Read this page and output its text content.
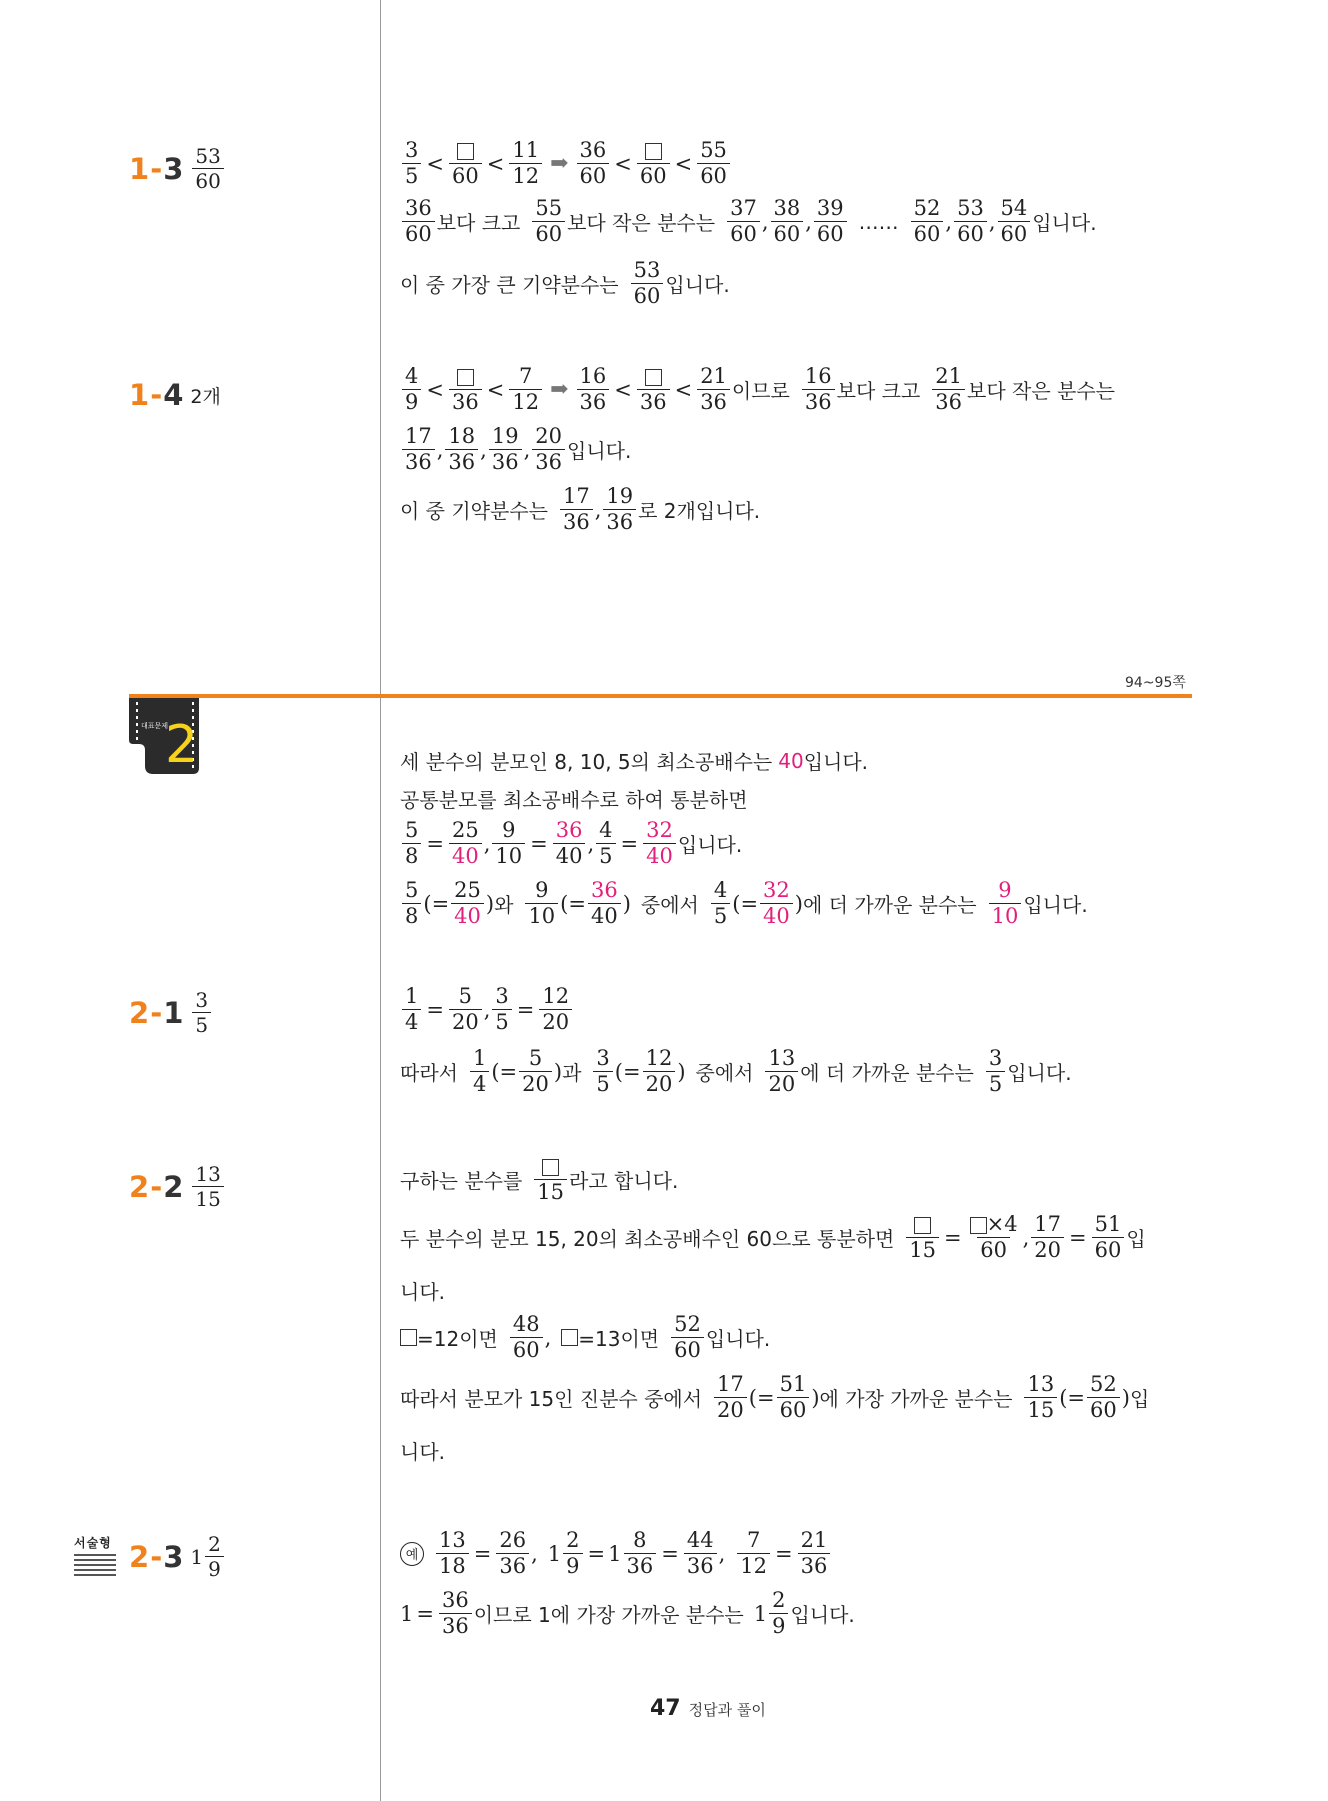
$1-3 \frac{53}{60}$	$\frac{3}{5}$ <
60
< $\frac{11}{12}$ ➡ $\frac{36}{60}$ <
60
< $\frac{55}{60}$
$\frac{36}{60}$ 보다 크고 $\frac{55}{60}$ 보다 작은 분수는 $\frac{37}{60}$ , $\frac{38}{60}$ , $\frac{39}{60}$ …… $\frac{52}{60}$ , $\frac{53}{60}$ , $\frac{54}{60}$ 입니다.
이 중 가장 큰 기약분수는 $\frac{53}{60}$ 입니다.
1-4 2개	$\frac{4}{9}$ <
36
< $\frac{7}{12}$ ➡ $\frac{16}{36}$ <
36
< $\frac{21}{36}$ 이므로 $\frac{16}{36}$ 보다 크고 $\frac{21}{36}$ 보다 작은 분수는
$\frac{17}{36}$ , $\frac{18}{36}$ , $\frac{19}{36}$ , $\frac{20}{36}$ 입니다.
이 중 기약분수는 $\frac{17}{36}$ , $\frac{19}{36}$ 로 2개입니다.
94~95쪽
대표문제
2	세 분수의 분모인 8, 10, 5의 최소공배수는 40 입니다.
공통분모를 최소공배수로 하여 통분하면
$\frac{5}{8} = \frac{25}{40}$ , $\frac{9}{10} = \frac{36}{40}$ , $\frac{4}{5} = \frac{32}{40}$ 입니다.
$\frac{5}{8}$ (= $\frac{25}{40}$ ) 와 $\frac{9}{10}$ (= $\frac{36}{40}$ ) 중에서 $\frac{4}{5}$ (= $\frac{32}{40}$ ) 에 더 가까운 분수는 $\frac{9}{10}$ 입니다.
$2-1 \frac{3}{5}$	$\frac{1}{4} = \frac{5}{20}$ , $\frac{3}{5} = \frac{12}{20}$
따라서 $\frac{1}{4}$ (= $\frac{5}{20}$ ) 과 $\frac{3}{5}$ (= $\frac{12}{20}$ ) 중에서 $\frac{13}{20}$ 에 더 가까운 분수는 $\frac{3}{5}$ 입니다.
$2-2 \frac{13}{15}$	구하는 분수를 15 라고 합니다.
두 분수의 분모 15, 20의 최소공배수인 60으로 통분하면 15
= $\frac{\times 4}{60}$ , $\frac{17}{20} = \frac{51}{60}$ 입
니다.
=12이면 $\frac{48}{60}$ , =13이면 $\frac{52}{60}$ 입니다.
따라서 분모가 15인 진분수 중에서 $\frac{17}{20}$ (= $\frac{51}{60}$ ) 에 가장 가까운 분수는 $\frac{13}{15}$ (= $\frac{52}{60}$ ) 입
니다.
서술형 2-3 $1 \frac{2}{9}$	예 $\frac{13}{18} = \frac{26}{36}$ ,
$1 \frac{2}{9} = 1 \frac{8}{36} = \frac{44}{36}$ , $\frac{7}{12} = \frac{21}{36}$
$1 = \frac{36}{36}$ 이므로 1에 가장 가까운 분수는 $1 \frac{2}{9}$ 입니다.
47 정답과 풀이
